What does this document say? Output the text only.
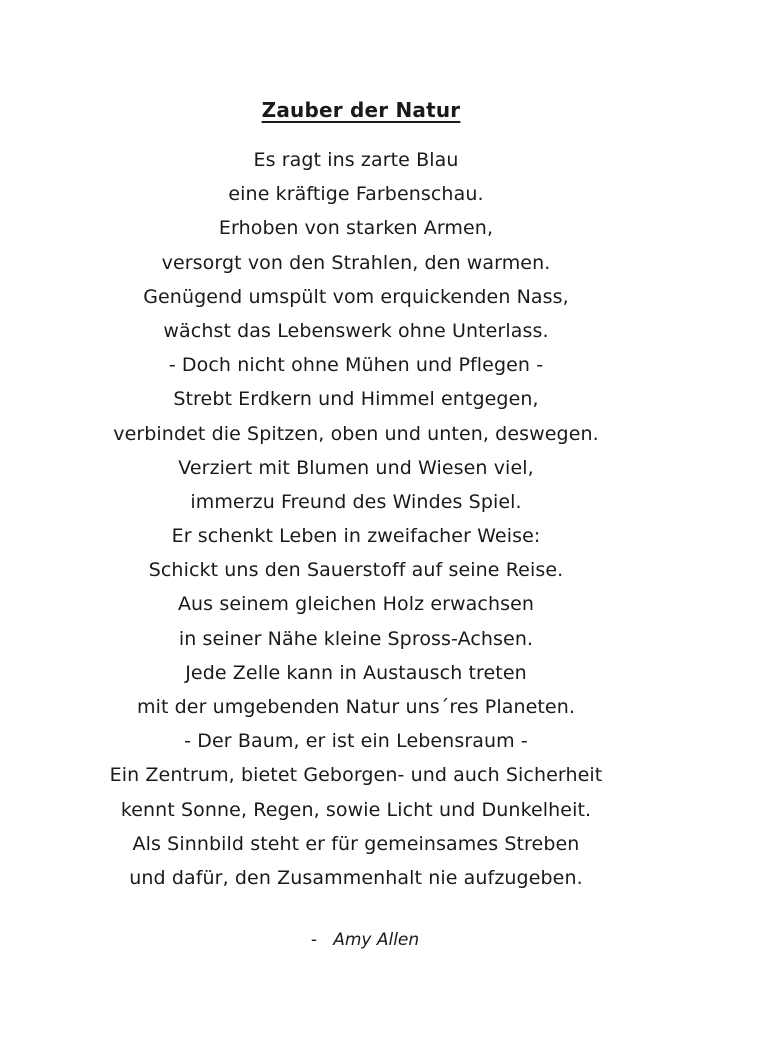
Zauber der Natur
Es ragt ins zarte Blau
eine kräftige Farbenschau.
Erhoben von starken Armen,
versorgt von den Strahlen, den warmen.
Genügend umspült vom erquickenden Nass,
wächst das Lebenswerk ohne Unterlass.
- Doch nicht ohne Mühen und Pflegen -
Strebt Erdkern und Himmel entgegen,
verbindet die Spitzen, oben und unten, deswegen.
Verziert mit Blumen und Wiesen viel,
immerzu Freund des Windes Spiel.
Er schenkt Leben in zweifacher Weise:
Schickt uns den Sauerstoff auf seine Reise.
Aus seinem gleichen Holz erwachsen
in seiner Nähe kleine Spross-Achsen.
Jede Zelle kann in Austausch treten
mit der umgebenden Natur uns´res Planeten.
- Der Baum, er ist ein Lebensraum -
Ein Zentrum, bietet Geborgen- und auch Sicherheit
kennt Sonne, Regen, sowie Licht und Dunkelheit.
Als Sinnbild steht er für gemeinsames Streben
und dafür, den Zusammenhalt nie aufzugeben.
-   Amy Allen
